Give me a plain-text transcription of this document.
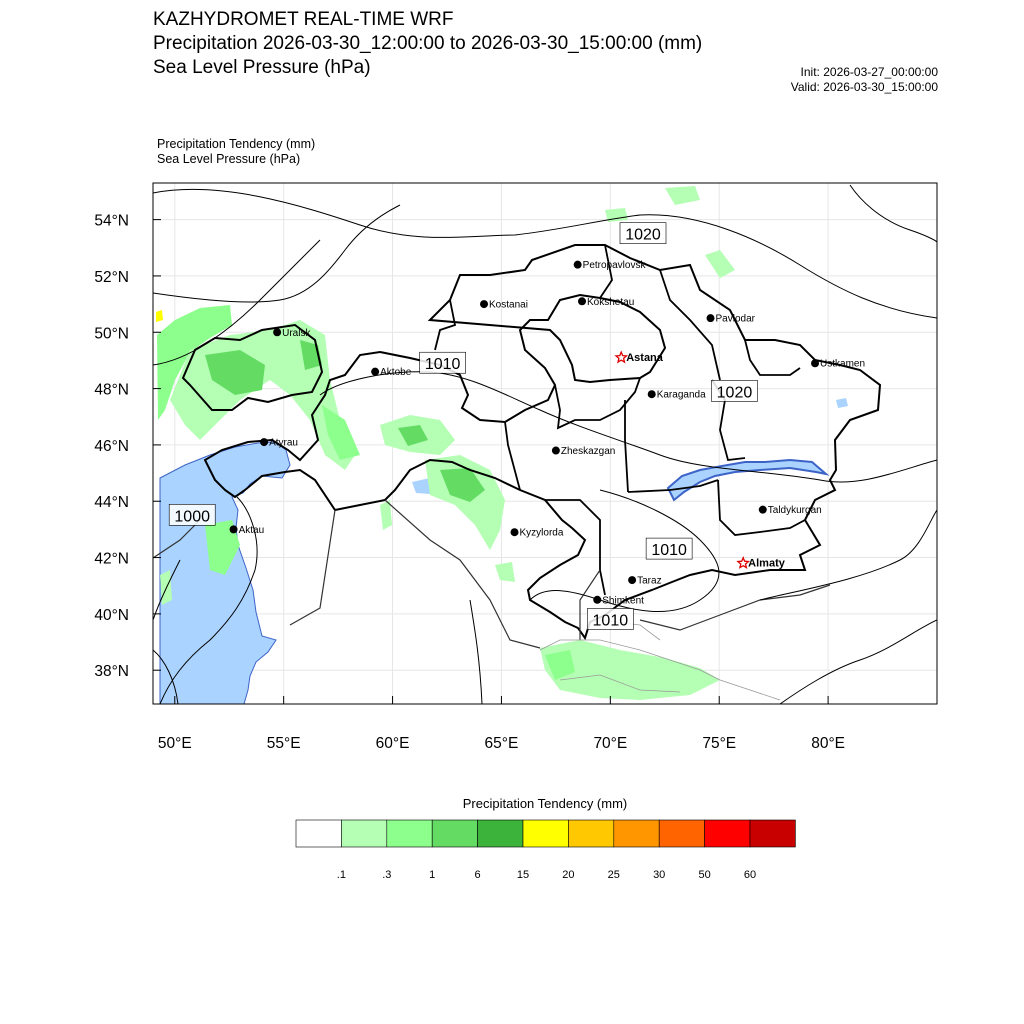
KAZHYDROMET REAL-TIME WRF
Precipitation 2026-03-30_12:00:00 to 2026-03-30_15:00:00 (mm)
Sea Level Pressure (hPa)	Init: 2026-03-27_00:00:00
Valid: 2026-03-30_15:00:00
Precipitation Tendency (mm)
Sea Level Pressure (hPa)
54°N
52°N
50°N
48°N
46°N
44°N
42°N
40°N
38°N
50°E	55°E	60°E	65°E	70°E	75°E	80°E
1020
1010
1020
1000
1010
1010
Petropavlovsk
Kostanai	Kokshetau
Uralsk
Pavlodar
Astana
Ustkamen
Aktobe
Karaganda
Atyrau
Zheskazgan
Taldykurgan
Kyzylorda
Aktau
Almaty
Taraz
Shimkent
Precipitation Tendency (mm)
.1	.3	1	6	15	20	25	30	50	60
